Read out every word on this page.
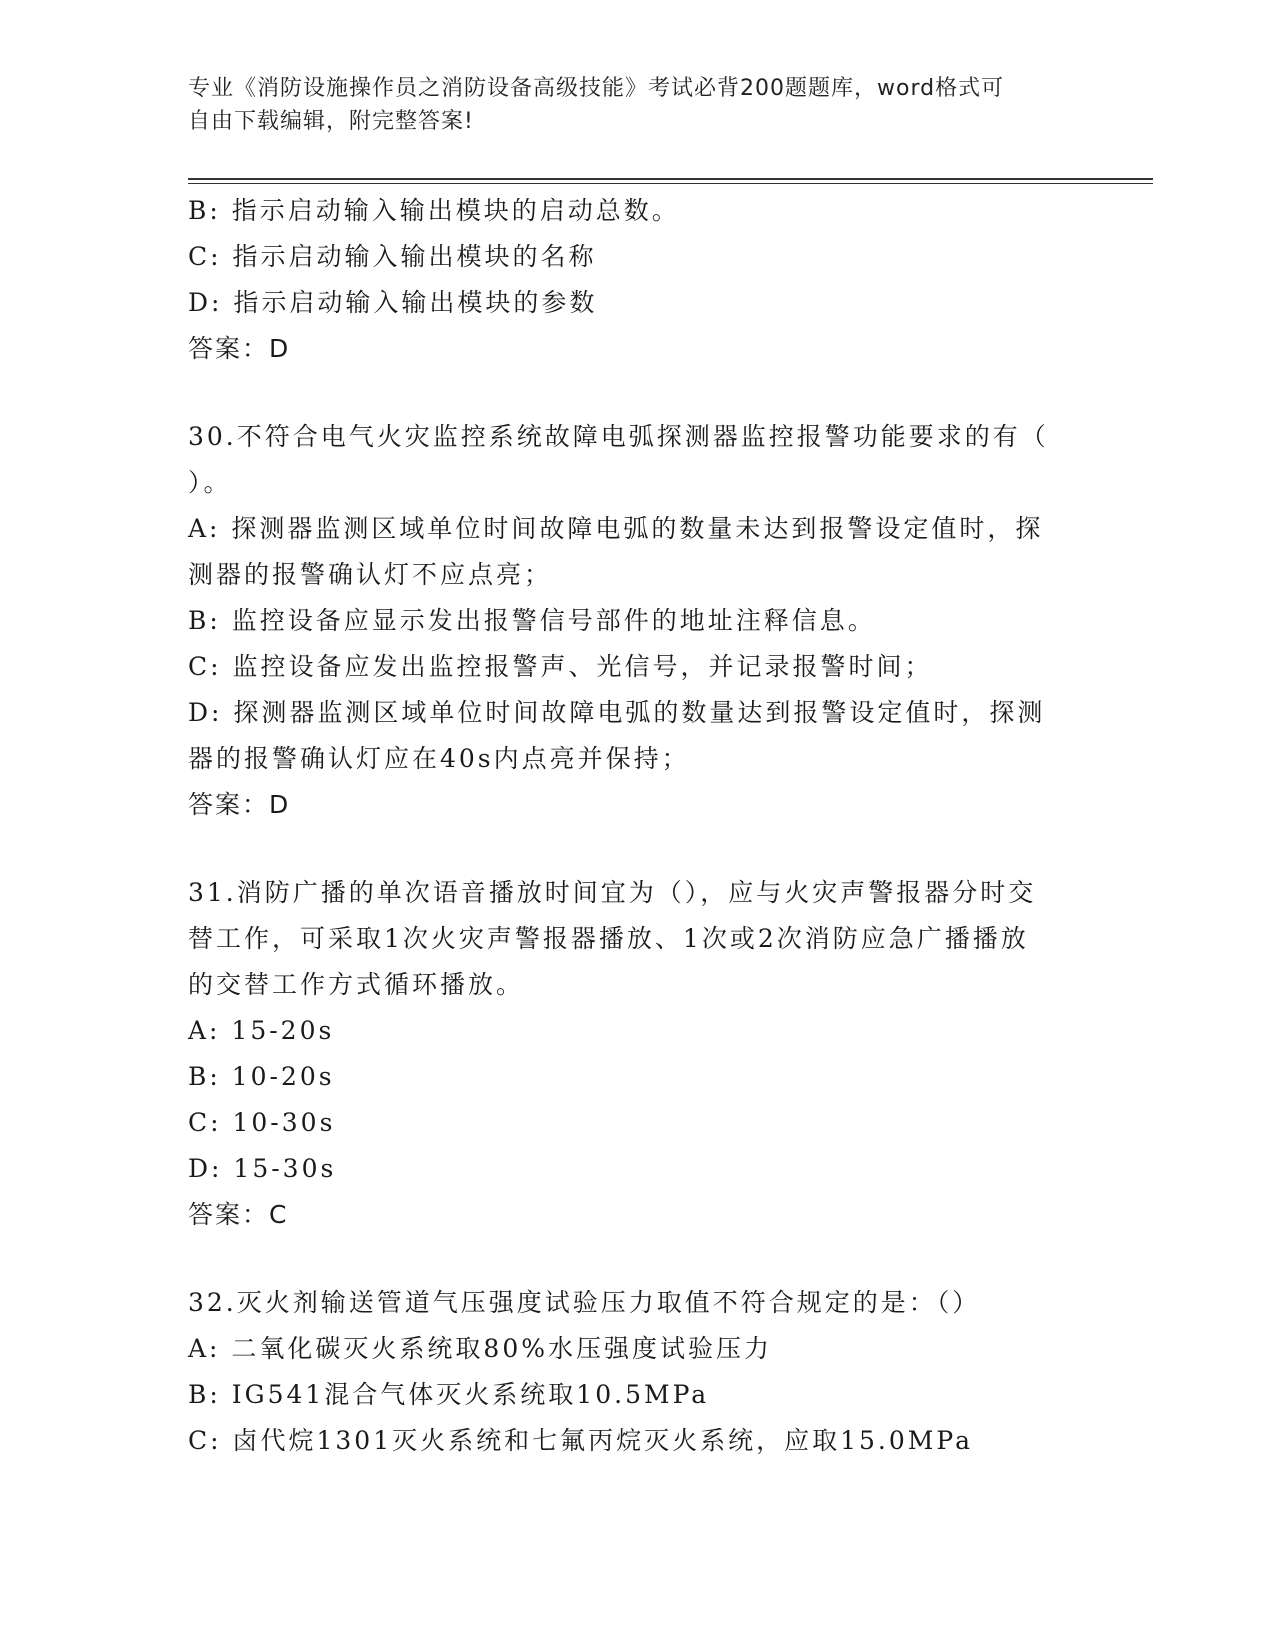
专业《消防设施操作员之消防设备高级技能》考试必背200题题库，word格式可
自由下载编辑，附完整答案!
B: 指示启动输入输出模块的启动总数。
C: 指示启动输入输出模块的名称
D: 指示启动输入输出模块的参数
答案：D
30.不符合电气火灾监控系统故障电弧探测器监控报警功能要求的有（
）。
A: 探测器监测区域单位时间故障电弧的数量未达到报警设定值时，探
测器的报警确认灯不应点亮；
B: 监控设备应显示发出报警信号部件的地址注释信息。
C: 监控设备应发出监控报警声、光信号，并记录报警时间；
D: 探测器监测区域单位时间故障电弧的数量达到报警设定值时，探测
器的报警确认灯应在40s内点亮并保持；
答案：D
31.消防广播的单次语音播放时间宜为（），应与火灾声警报器分时交
替工作，可采取1次火灾声警报器播放、1次或2次消防应急广播播放
的交替工作方式循环播放。
A: 15-20s
B: 10-20s
C: 10-30s
D: 15-30s
答案：C
32.灭火剂输送管道气压强度试验压力取值不符合规定的是：（）
A: 二氧化碳灭火系统取80%水压强度试验压力
B: IG541混合气体灭火系统取10.5MPa
C: 卤代烷1301灭火系统和七氟丙烷灭火系统，应取15.0MPa
